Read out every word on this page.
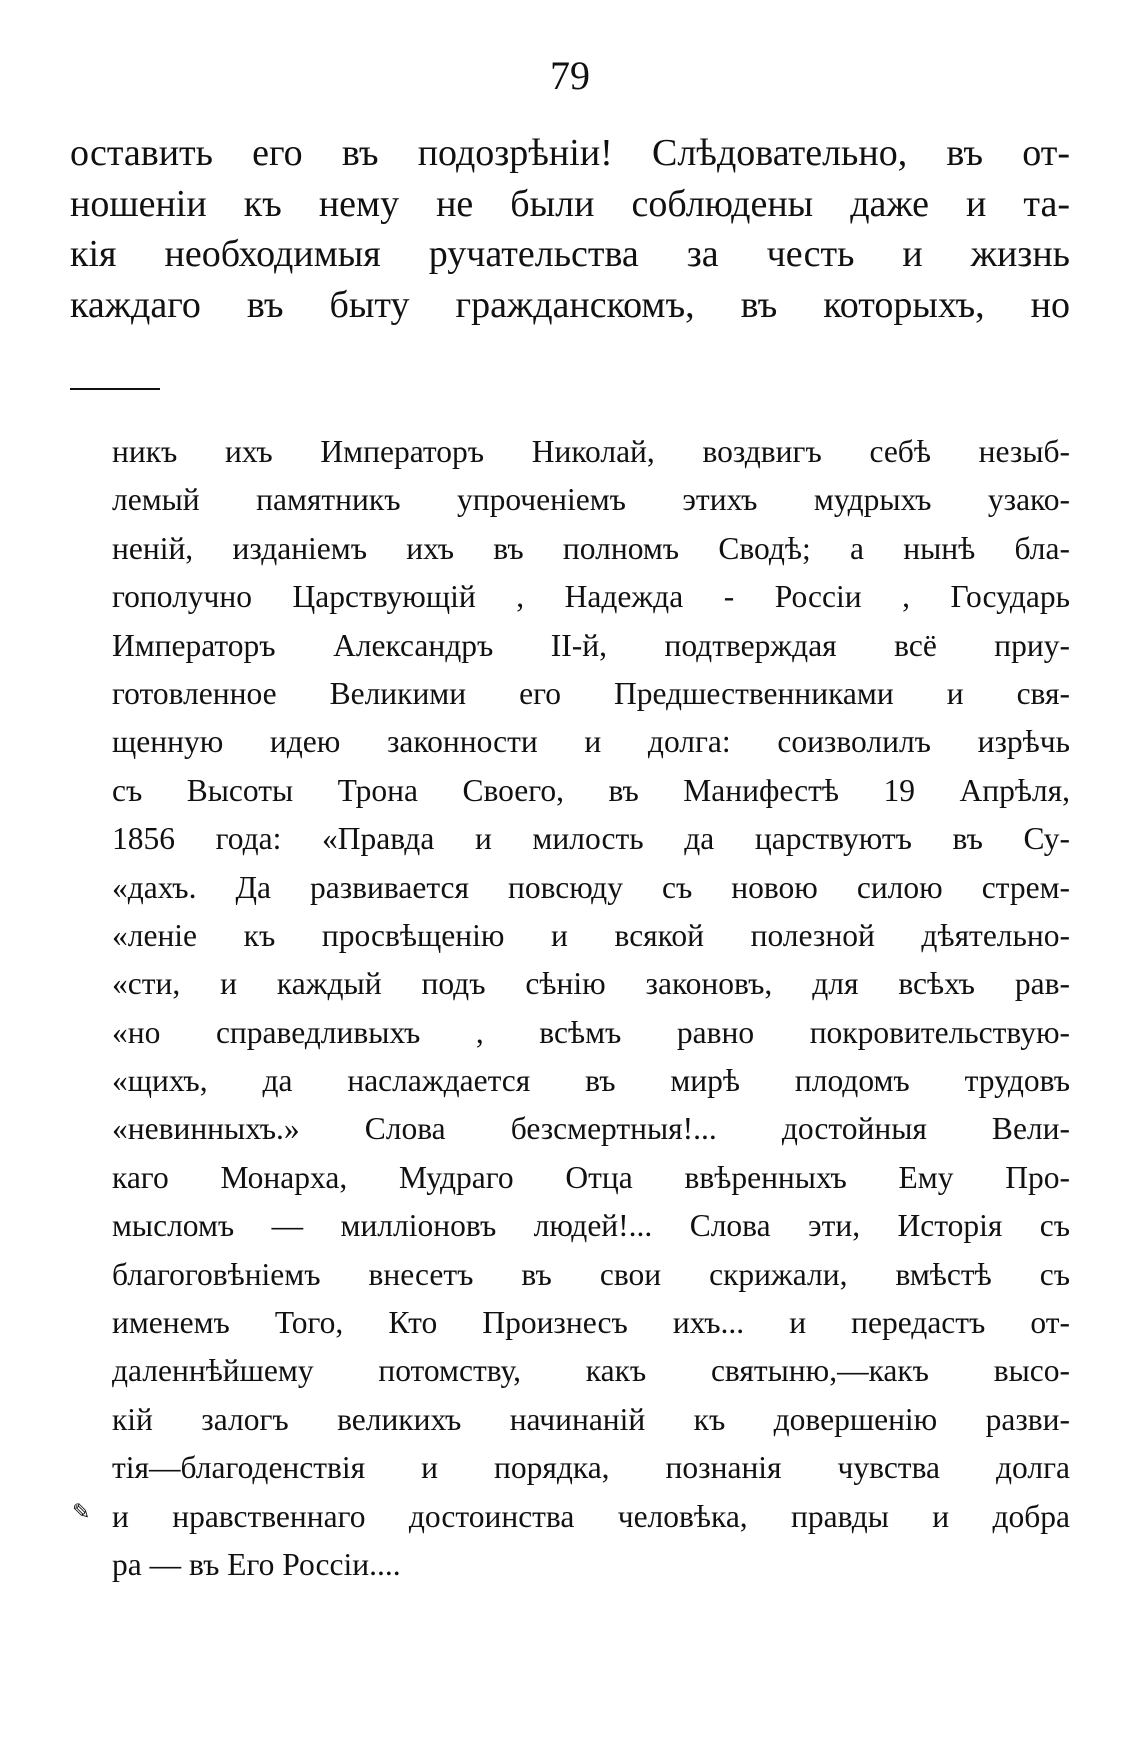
79
оставить его въ подозрѣніи! Слѣдовательно, въ от-
ношеніи къ нему не были соблюдены даже и та-
кія необходимыя ручательства за честь и жизнь
каждаго въ быту гражданскомъ, въ которыхъ, но
никъ ихъ Императоръ Николай, воздвигъ себѣ незыб-
лемый памятникъ упроченіемъ этихъ мудрыхъ узако-
неній, изданіемъ ихъ въ полномъ Сводѣ; а нынѣ бла-
гополучно Царствующій , Надежда - Россіи , Государь
Императоръ Александръ II-й, подтверждая всё приу-
готовленное Великими его Предшественниками и свя-
щенную идею законности и долга: соизволилъ изрѣчь
съ Высоты Трона Своего, въ Манифестѣ 19 Апрѣля,
1856 года: «Правда и милость да царствуютъ въ Су-
«дахъ. Да развивается повсюду съ новою силою стрем-
«леніе къ просвѣщенію и всякой полезной дѣятельно-
«сти, и каждый подъ сѣнію законовъ, для всѣхъ рав-
«но справедливыхъ , всѣмъ равно покровительствую-
«щихъ, да наслаждается въ мирѣ плодомъ трудовъ
«невинныхъ.» Слова безсмертныя!... достойныя Вели-
каго Монарха, Мудраго Отца ввѣренныхъ Ему Про-
мысломъ — милліоновъ людей!... Слова эти, Исторія съ
благоговѣніемъ внесетъ въ свои скрижали, вмѣстѣ съ
именемъ Того, Кто Произнесъ ихъ... и передастъ от-
даленнѣйшему потомству, какъ святыню,—какъ высо-
кій залогъ великихъ начинаній къ довершенію разви-
тія—благоденствія и порядка, познанія чувства долга
и нравственнаго достоинства человѣка, правды и добра
ра — въ Его Россіи....
✎
